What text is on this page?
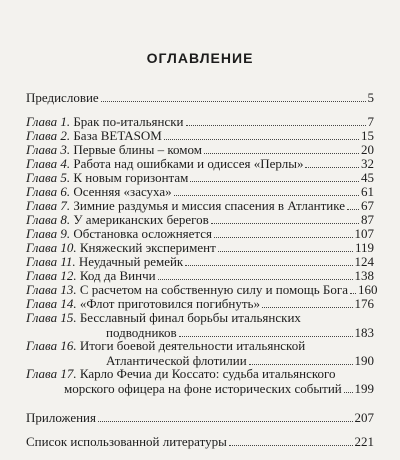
ОГЛАВЛЕНИЕ
Предисловие	5
Глава 1. Брак по-итальянски	7
Глава 2. База BETASOM	15
Глава 3. Первые блины – комом	20
Глава 4. Работа над ошибками и одиссея «Перлы»	32
Глава 5. К новым горизонтам	45
Глава 6. Осенняя «засуха»	61
Глава 7. Зимние раздумья и миссия спасения в Атлантике 67
Глава 8. У американских берегов	87
Глава 9. Обстановка осложняется	107
Глава 10. Княжеский эксперимент	119
Глава 11. Неудачный ремейк	124
Глава 12. Код да Винчи	138
Глава 13. С расчетом на собственную силу и помощь Бога 160
Глава 14. «Флот приготовился погибнуть»	176
Глава 15. Бесславный финал борьбы итальянских
подводников	183
Глава 16. Итоги боевой деятельности итальянской
Атлантической флотилии	190
Глава 17. Карло Фечиа ди Коссато: судьба итальянского
морского офицера на фоне исторических событий 199
Приложения	207
Список использованной литературы	221
